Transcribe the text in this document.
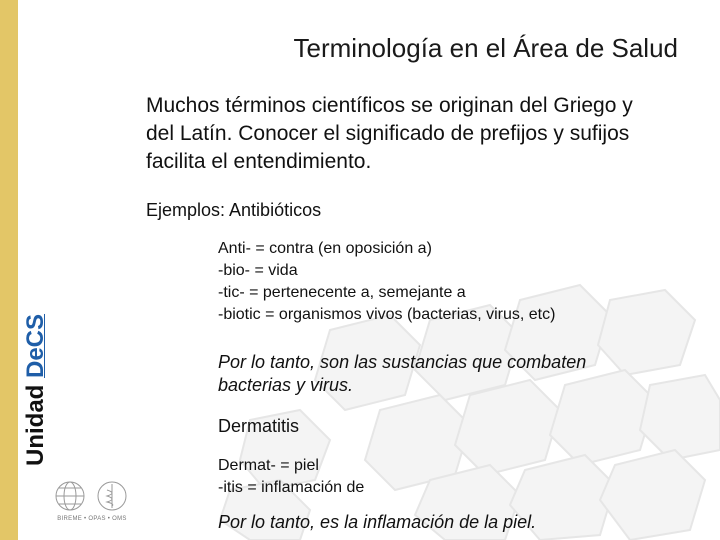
Terminología en el Área de Salud
Muchos términos científicos se originan del Griego y del Latín. Conocer el significado de prefijos y sufijos facilita el entendimiento.
Ejemplos: Antibióticos
Anti- = contra (en oposición a)
-bio- = vida
-tic- = pertenecente a, semejante a
-biotic = organismos vivos (bacterias, virus, etc)
Por lo tanto, son las sustancias que combaten bacterias y virus.
Dermatitis
Dermat- = piel
-itis = inflamación de
Por lo tanto, es la inflamación de la piel.
Unidad DeCS
BIREME • OPAS • OMS
